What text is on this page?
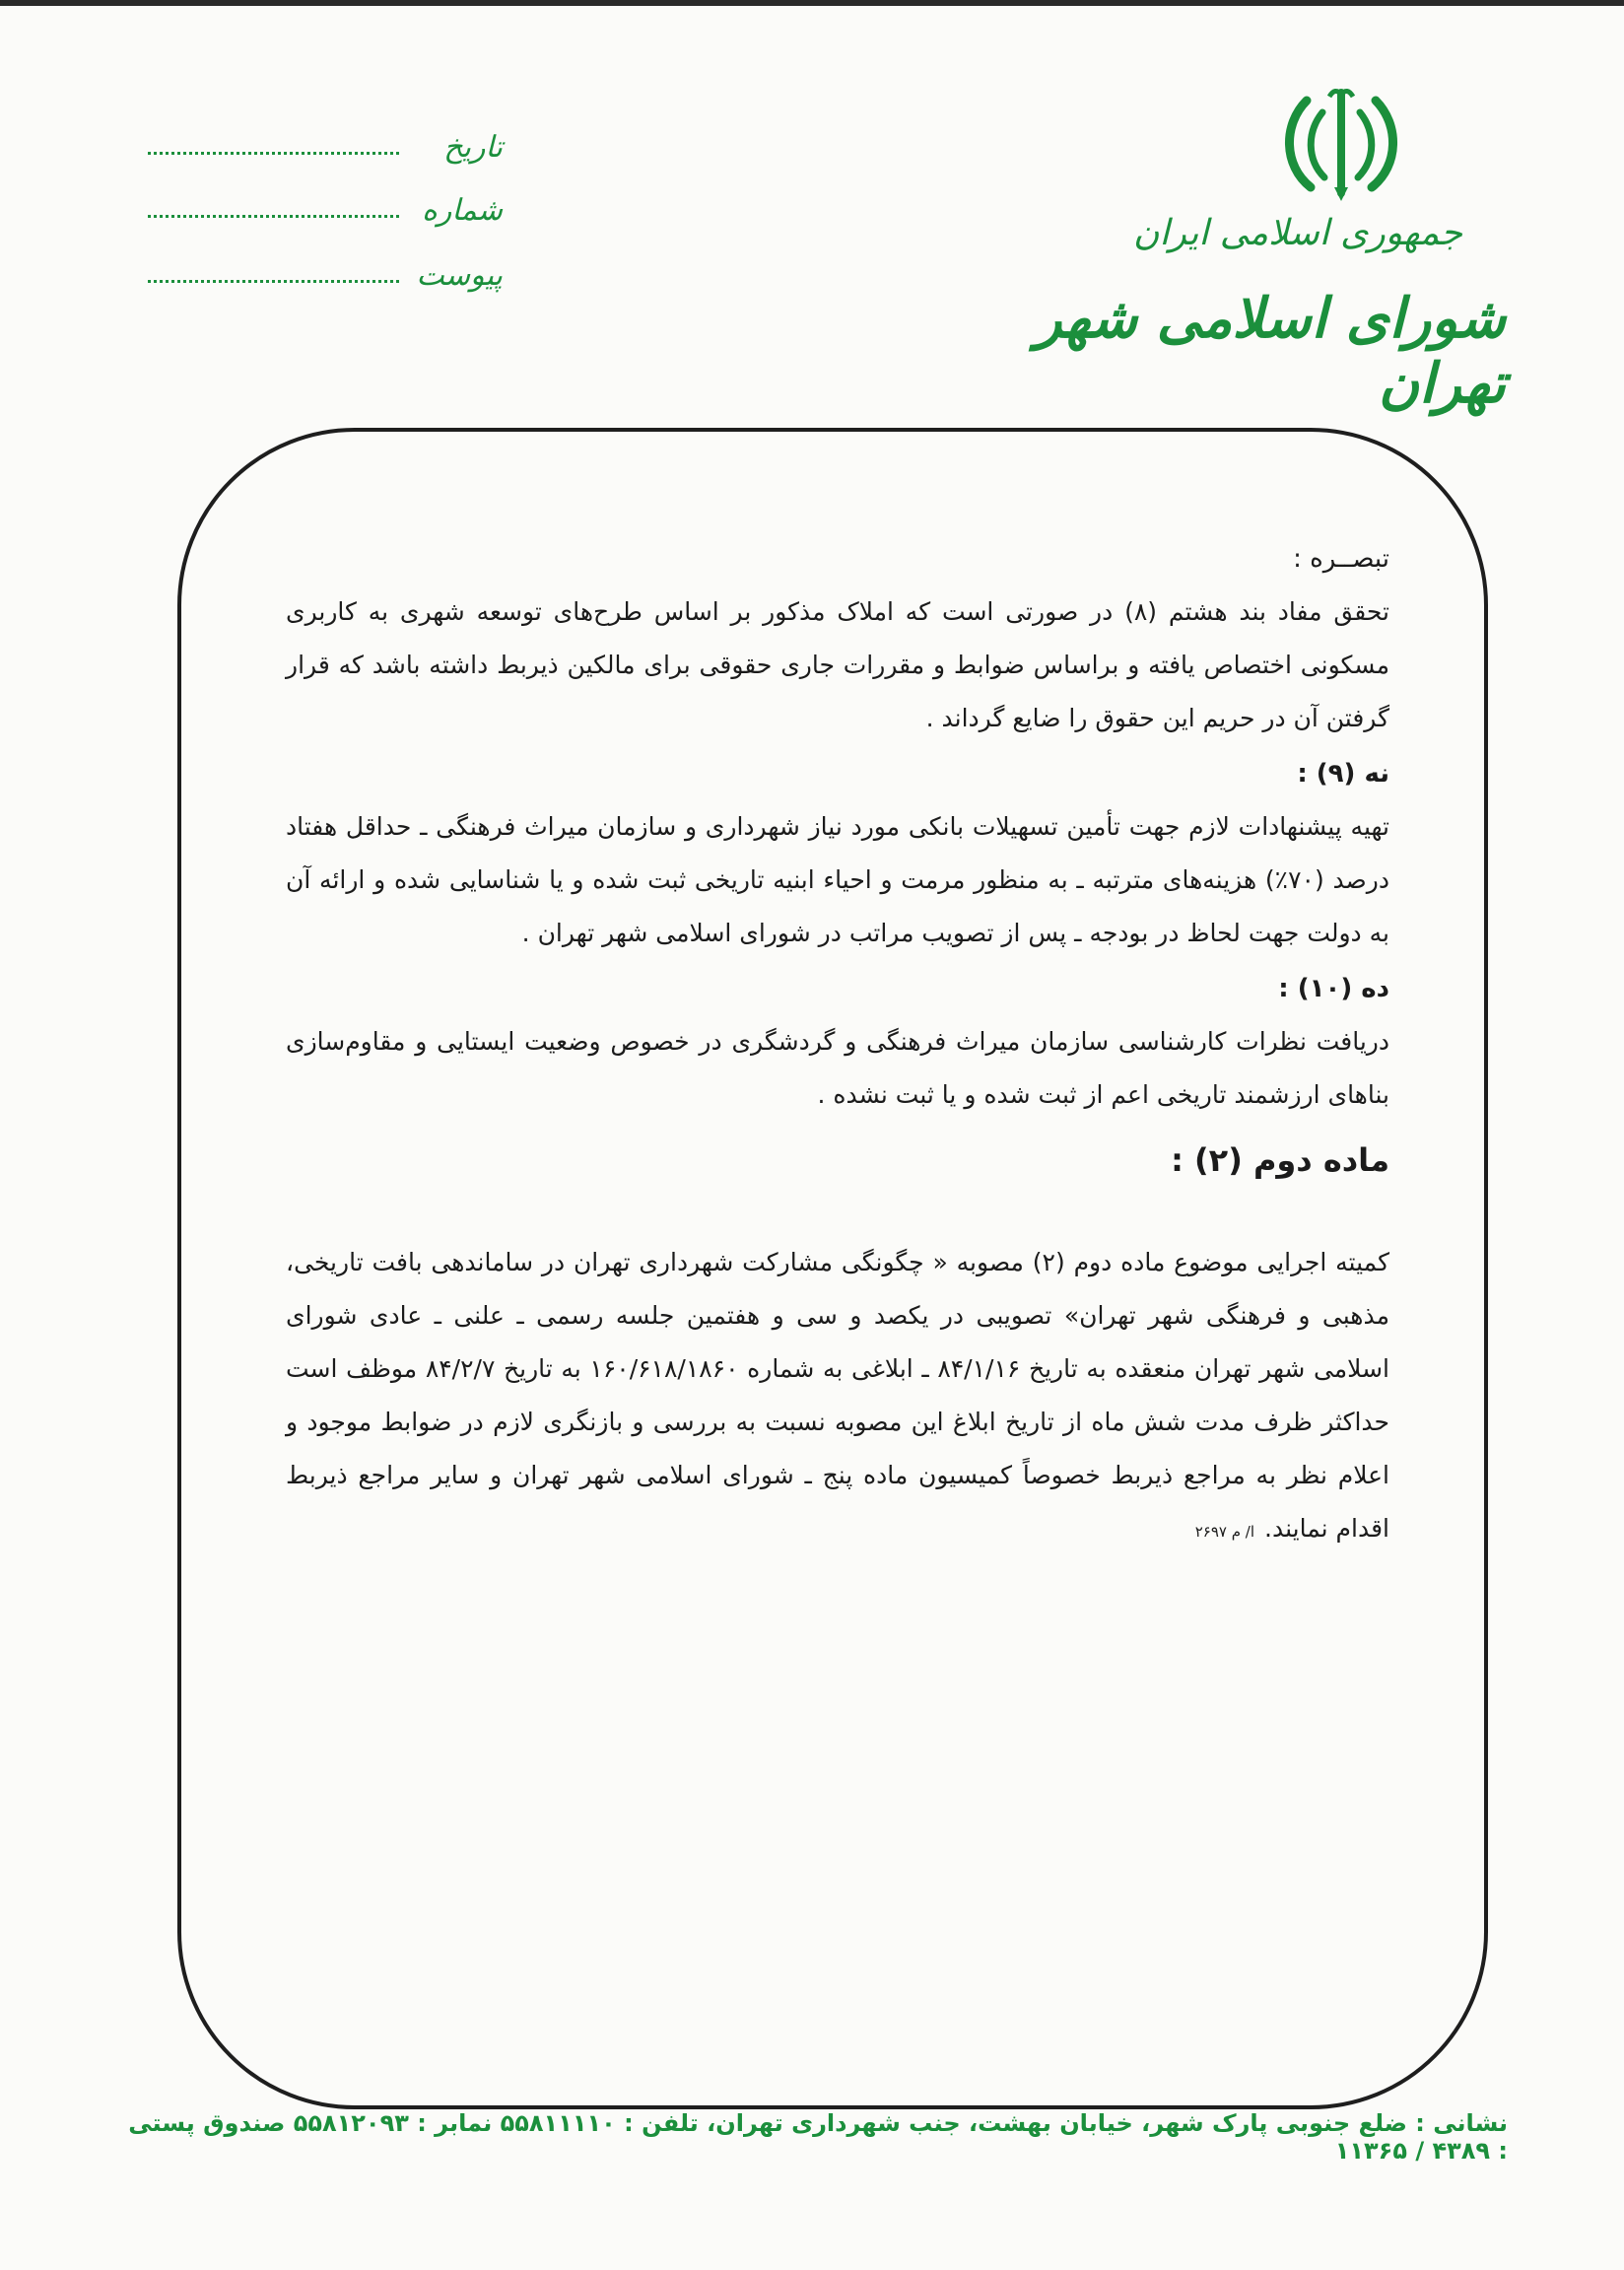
جمهوری اسلامی ایران
شورای اسلامی شهر تهران
تاریخ
شماره
پیوست

تبصــره :

تحقق مفاد بند هشتم (۸) در صورتی است که املاک مذکور بر اساس طرح‌های توسعه شهری به کاربری مسکونی اختصاص یافته و براساس ضوابط و مقررات جاری حقوقی برای مالکین ذیربط داشته باشد که قرار گرفتن آن در حریم این حقوق را ضایع گرداند .

نه (۹) :

تهیه پیشنهادات لازم جهت تأمین تسهیلات بانکی مورد نیاز شهرداری و سازمان میراث فرهنگی ـ حداقل هفتاد درصد (۷۰٪) هزینه‌های مترتبه ـ به منظور مرمت و احیاء ابنیه تاریخی ثبت شده و یا شناسایی شده و ارائه آن به دولت جهت لحاظ در بودجه ـ پس از تصویب مراتب در شورای اسلامی شهر تهران .

ده (۱۰) :

دریافت نظرات کارشناسی سازمان میراث فرهنگی و گردشگری در خصوص وضعیت ایستایی و مقاوم‌سازی بناهای ارزشمند تاریخی اعم از ثبت شده و یا ثبت نشده .

ماده دوم (۲) :

کمیته اجرایی موضوع ماده دوم (۲) مصوبه « چگونگی مشارکت شهرداری تهران در ساماندهی بافت تاریخی، مذهبی و فرهنگی شهر تهران» تصویبی در یکصد و سی و هفتمین جلسه رسمی ـ علنی ـ عادی شورای اسلامی شهر تهران منعقده به تاریخ ۸۴/۱/۱۶ ـ ابلاغی به شماره ۱۶۰/۶۱۸/۱۸۶۰ به تاریخ ۸۴/۲/۷ موظف است حداکثر ظرف مدت شش ماه از تاریخ ابلاغ این مصوبه نسبت به بررسی و بازنگری لازم در ضوابط موجود و اعلام نظر به مراجع ذیربط خصوصاً کمیسیون ماده پنج ـ شورای اسلامی شهر تهران و سایر مراجع ذیربط اقدام نمایند.ا/ م ۲۶۹۷

نشانی : ضلع جنوبی پارک شهر، خیابان بهشت، جنب شهرداری تهران، تلفن : ۵۵۸۱۱۱۱۰ نمابر : ۵۵۸۱۲۰۹۳ صندوق پستی : ۴۳۸۹ / ۱۱۳۶۵
